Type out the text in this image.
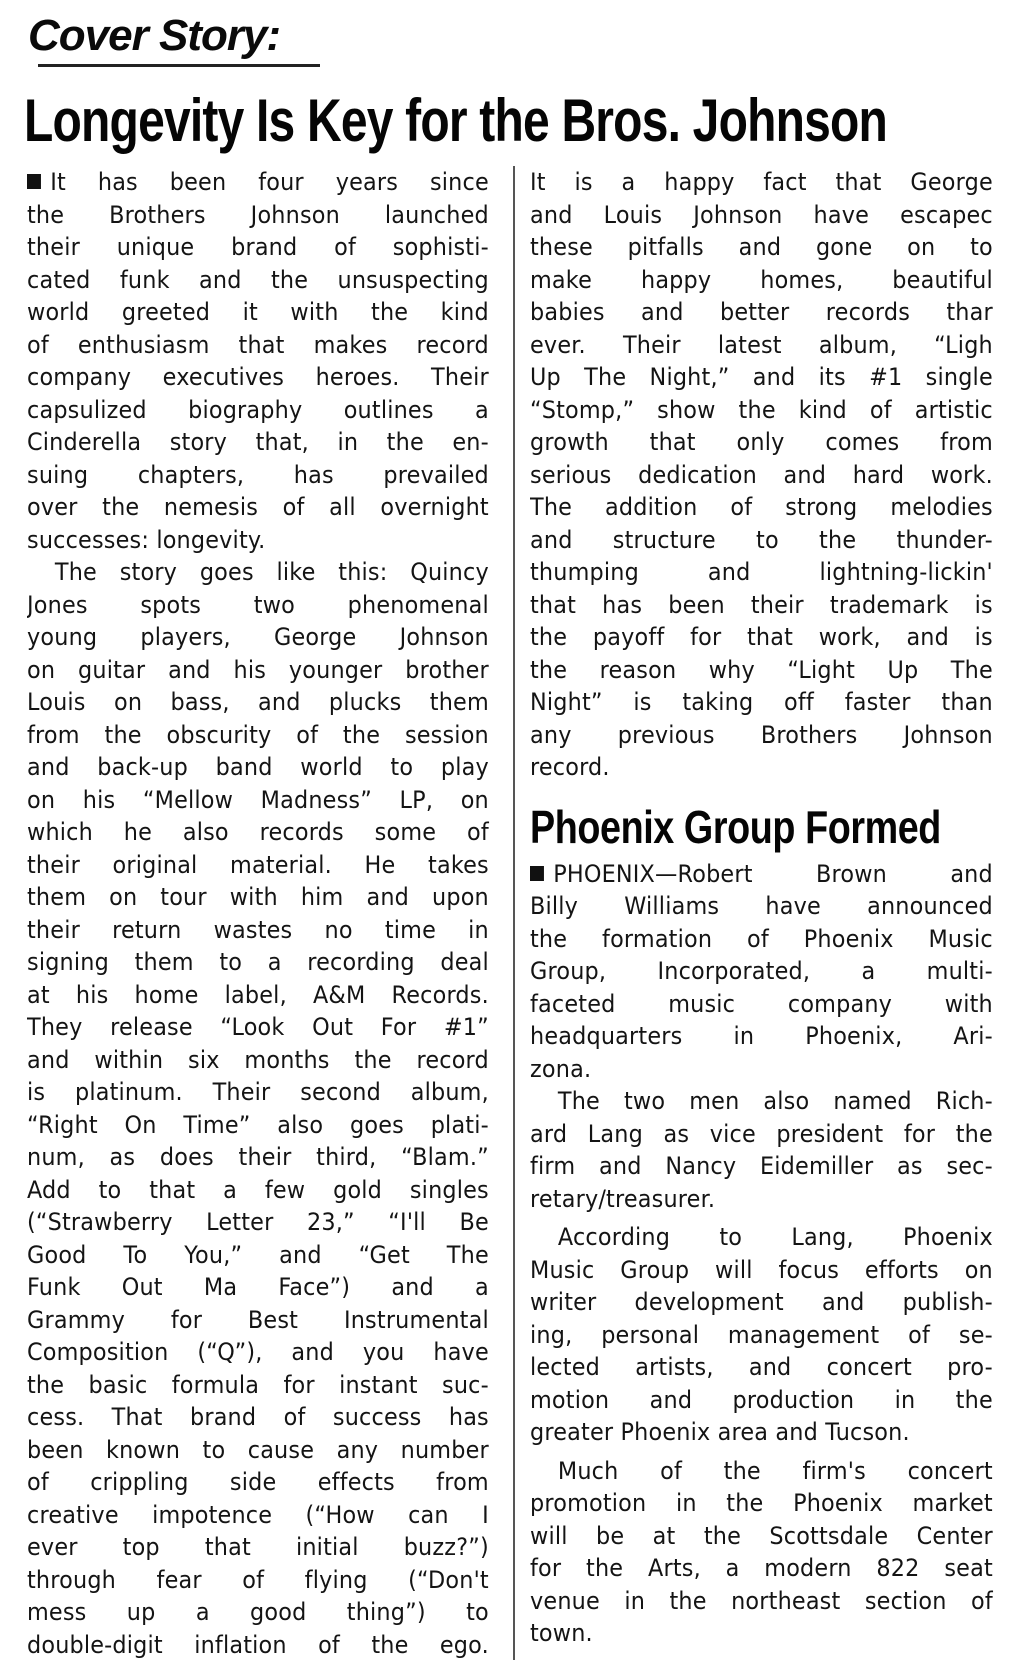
Cover Story:
Longevity Is Key for the Bros. Johnson
It has been four years since
the Brothers Johnson launched
their unique brand of sophisti-
cated funk and the unsuspecting
world greeted it with the kind
of enthusiasm that makes record
company executives heroes. Their
capsulized biography outlines a
Cinderella story that, in the en-
suing chapters, has prevailed
over the nemesis of all overnight
successes: longevity.
The story goes like this: Quincy
Jones spots two phenomenal
young players, George Johnson
on guitar and his younger brother
Louis on bass, and plucks them
from the obscurity of the session
and back-up band world to play
on his “Mellow Madness” LP, on
which he also records some of
their original material. He takes
them on tour with him and upon
their return wastes no time in
signing them to a recording deal
at his home label, A&M Records.
They release “Look Out For #1”
and within six months the record
is platinum. Their second album,
“Right On Time” also goes plati-
num, as does their third, “Blam.”
Add to that a few gold singles
(“Strawberry Letter 23,” “I'll Be
Good To You,” and “Get The
Funk Out Ma Face”) and a
Grammy for Best Instrumental
Composition (“Q”), and you have
the basic formula for instant suc-
cess. That brand of success has
been known to cause any number
of crippling side effects from
creative impotence (“How can I
ever top that initial buzz?”)
through fear of flying (“Don't
mess up a good thing”) to
double-digit inflation of the ego.
It is a happy fact that George
and Louis Johnson have escapec
these pitfalls and gone on to
make happy homes, beautiful
babies and better records thar
ever. Their latest album, “Ligh
Up The Night,” and its #1 single
“Stomp,” show the kind of artistic
growth that only comes from
serious dedication and hard work.
The addition of strong melodies
and structure to the thunder-
thumping and lightning-lickin'
that has been their trademark is
the payoff for that work, and is
the reason why “Light Up The
Night” is taking off faster than
any previous Brothers Johnson
record.
Phoenix Group Formed
PHOENIX—Robert Brown and
Billy Williams have announced
the formation of Phoenix Music
Group, Incorporated, a multi-
faceted music company with
headquarters in Phoenix, Ari-
zona.
The two men also named Rich-
ard Lang as vice president for the
firm and Nancy Eidemiller as sec-
retary/treasurer.
According to Lang, Phoenix
Music Group will focus efforts on
writer development and publish-
ing, personal management of se-
lected artists, and concert pro-
motion and production in the
greater Phoenix area and Tucson.
Much of the firm's concert
promotion in the Phoenix market
will be at the Scottsdale Center
for the Arts, a modern 822 seat
venue in the northeast section of
town.
